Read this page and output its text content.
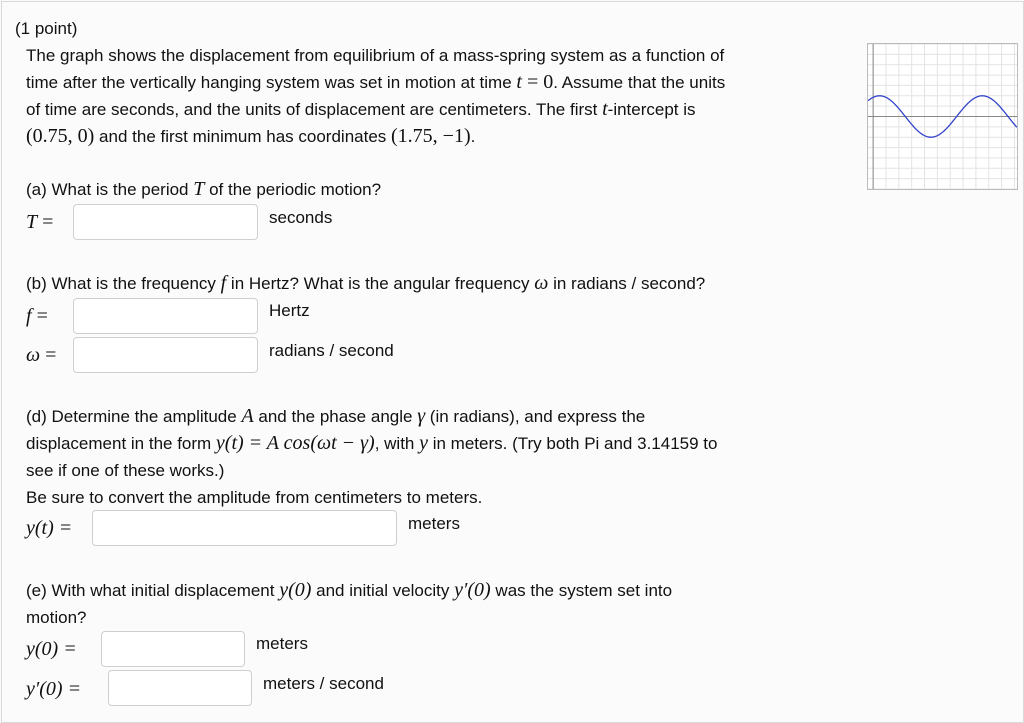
(1 point)
The graph shows the displacement from equilibrium of a mass-spring system as a function of
time after the vertically hanging system was set in motion at time t = 0. Assume that the units
of time are seconds, and the units of displacement are centimeters. The first t-intercept is
(0.75, 0) and the first minimum has coordinates (1.75, −1).
(a) What is the period T of the periodic motion?
T =	seconds
(b) What is the frequency f in Hertz? What is the angular frequency ω in radians / second?
f =	Hertz
ω =	radians / second
(d) Determine the amplitude A and the phase angle γ (in radians), and express the
displacement in the form y(t) = A cos(ωt − γ), with y in meters. (Try both Pi and 3.14159 to
see if one of these works.)
Be sure to convert the amplitude from centimeters to meters.
y(t) =	meters
(e) With what initial displacement y(0) and initial velocity y′(0) was the system set into
motion?
y(0) =	meters
y′(0) =	meters / second
